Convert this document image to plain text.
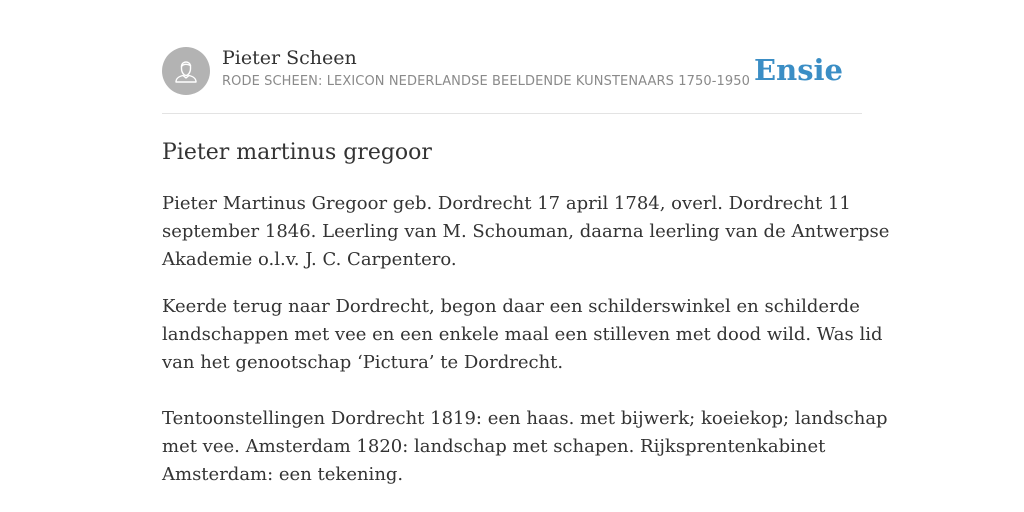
Pieter Scheen
RODE SCHEEN: LEXICON NEDERLANDSE BEELDENDE KUNSTENAARS 1750-1950 Ensie
Pieter martinus gregoor

Pieter Martinus Gregoor geb. Dordrecht 17 april 1784, overl. Dordrecht 11
september 1846. Leerling van M. Schouman, daarna leerling van de Antwerpse
Akademie o.l.v. J. C. Carpentero.

Keerde terug naar Dordrecht, begon daar een schilderswinkel en schilderde
landschappen met vee en een enkele maal een stilleven met dood wild. Was lid
van het genootschap ‘Pictura’ te Dordrecht.

Tentoonstellingen Dordrecht 1819: een haas. met bijwerk; koeiekop; landschap
met vee. Amsterdam 1820: landschap met schapen. Rijksprentenkabinet
Amsterdam: een tekening.
